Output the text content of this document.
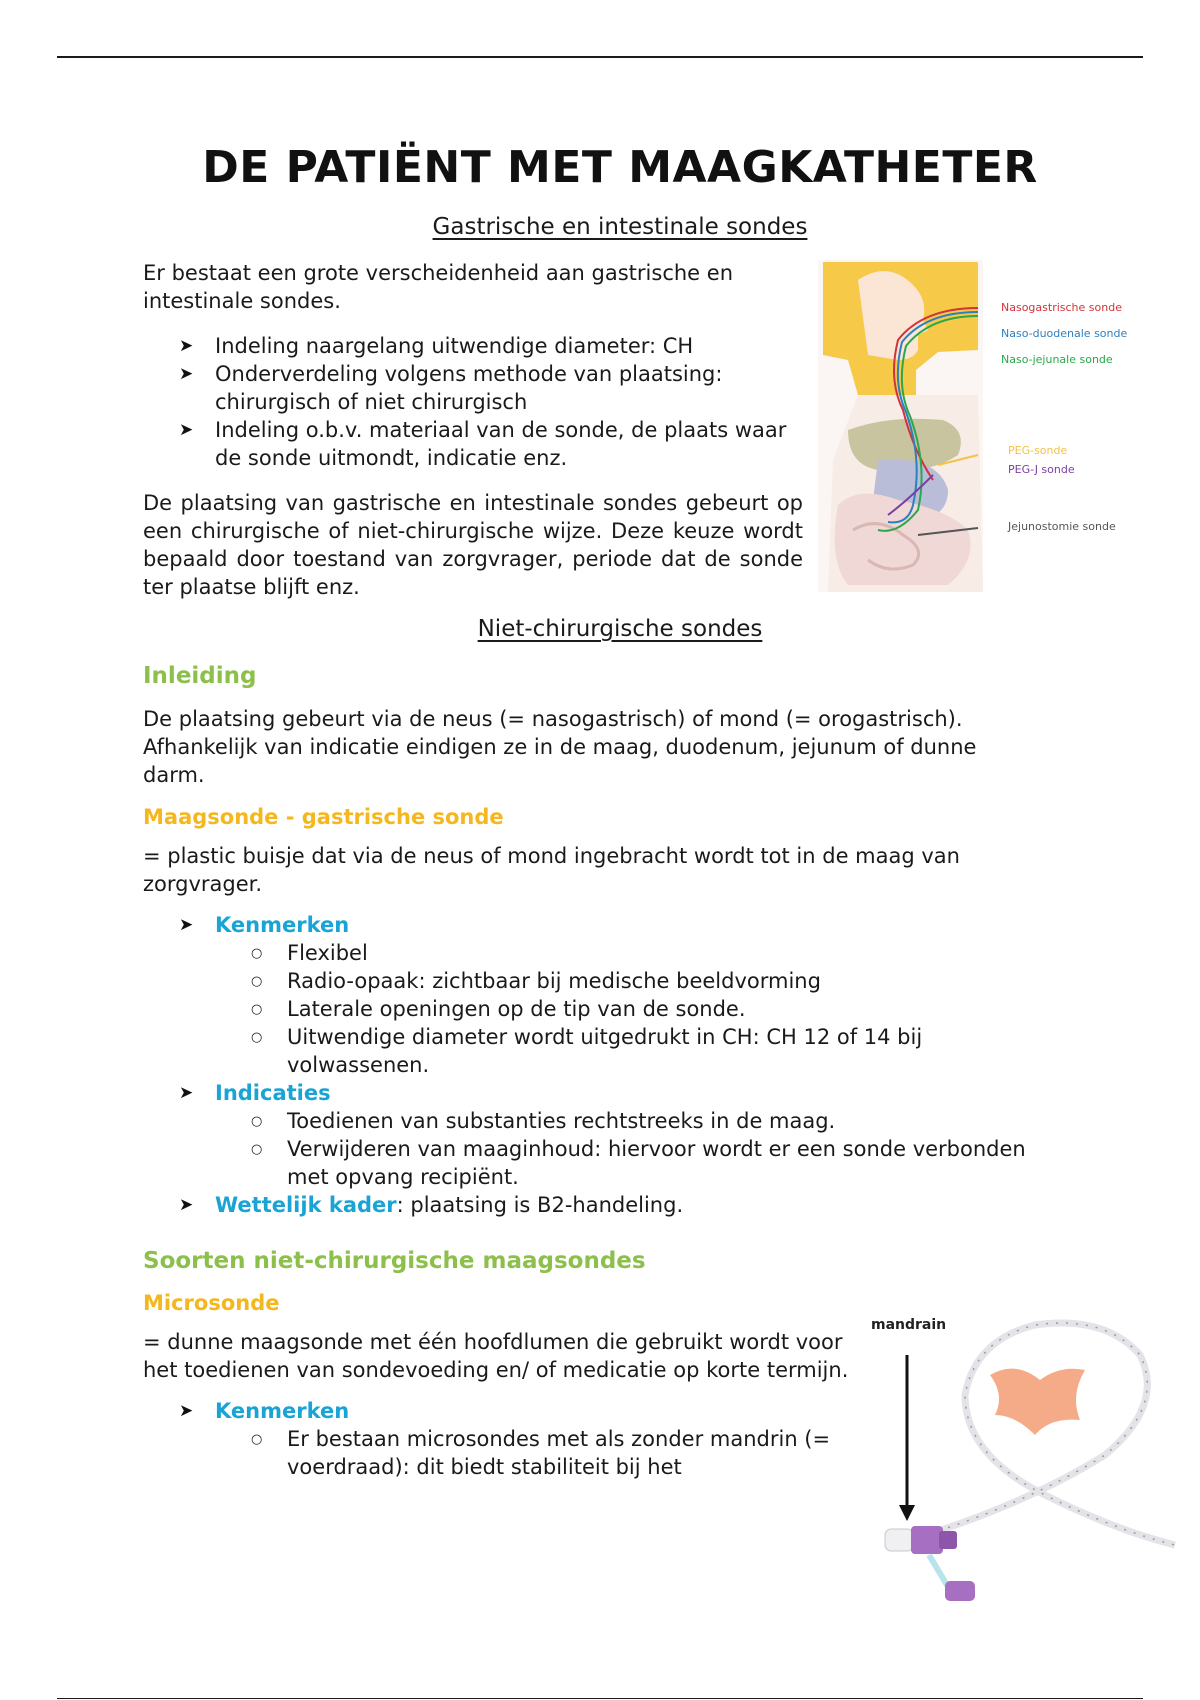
DE PATIËNT MET MAAGKATHETER
Gastrische en intestinale sondes

Er bestaat een grote verscheidenheid aan gastrische en intestinale sondes.

➤ Indeling naargelang uitwendige diameter: CH
➤ Onderverdeling volgens methode van plaatsing: chirurgisch of niet chirurgisch
➤ Indeling o.b.v. materiaal van de sonde, de plaats waar de sonde uitmondt, indicatie enz.

De plaatsing van gastrische en intestinale sondes gebeurt op een chirurgische of niet-chirurgische wijze. Deze keuze wordt bepaald door toestand van zorgvrager, periode dat de sonde ter plaatse blijft enz.

Nasogastrische sonde
Naso-duodenale sonde
Naso-jejunale sonde
PEG-sonde
PEG-J sonde
Jejunostomie sonde
Niet-chirurgische sondes
Inleiding

De plaatsing gebeurt via de neus (= nasogastrisch) of mond (= orogastrisch). Afhankelijk van indicatie eindigen ze in de maag, duodenum, jejunum of dunne darm.

Maagsonde - gastrische sonde

= plastic buisje dat via de neus of mond ingebracht wordt tot in de maag van zorgvrager.

➤ Kenmerken
○ Flexibel
○ Radio-opaak: zichtbaar bij medische beeldvorming
○ Laterale openingen op de tip van de sonde.
○ Uitwendige diameter wordt uitgedrukt in CH: CH 12 of 14 bij volwassenen.
➤ Indicaties
○ Toedienen van substanties rechtstreeks in de maag.
○ Verwijderen van maaginhoud: hiervoor wordt er een sonde verbonden met opvang recipiënt.
➤ Wettelijk kader: plaatsing is B2-handeling.
Soorten niet-chirurgische maagsondes
Microsonde

= dunne maagsonde met één hoofdlumen die gebruikt wordt voor het toedienen van sondevoeding en/ of medicatie op korte termijn.

➤ Kenmerken
○ Er bestaan microsondes met als zonder mandrin (= voerdraad): dit biedt stabiliteit bij het
mandrain
